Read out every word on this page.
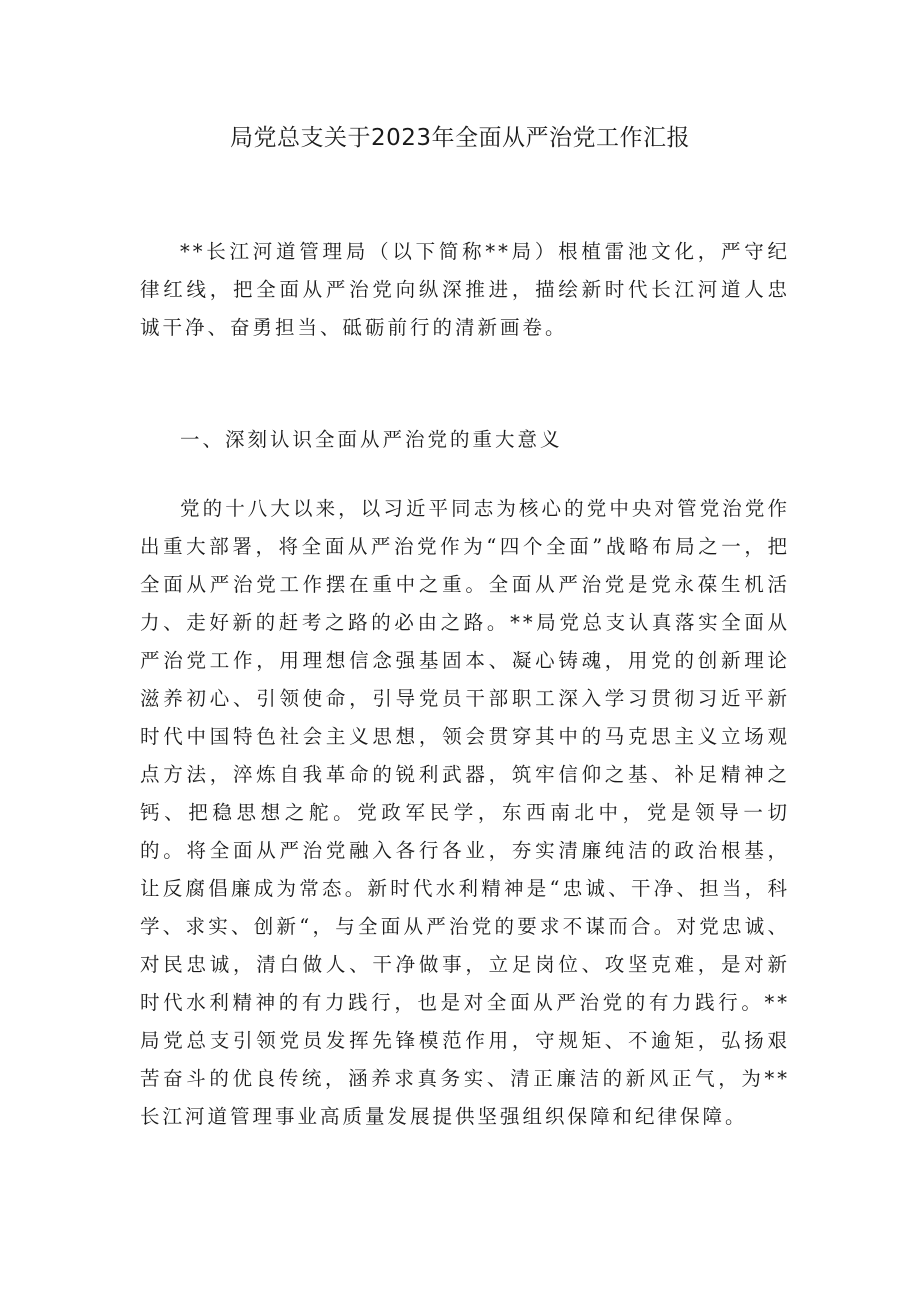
局党总支关于2023年全面从严治党工作汇报

**长江河道管理局（以下简称**局）根植雷池文化，严守纪律红线，把全面从严治党向纵深推进，描绘新时代长江河道人忠诚干净、奋勇担当、砥砺前行的清新画卷。

一、深刻认识全面从严治党的重大意义

党的十八大以来，以习近平同志为核心的党中央对管党治党作出重大部署，将全面从严治党作为“四个全面”战略布局之一，把全面从严治党工作摆在重中之重。全面从严治党是党永葆生机活力、走好新的赶考之路的必由之路。**局党总支认真落实全面从严治党工作，用理想信念强基固本、凝心铸魂，用党的创新理论滋养初心、引领使命，引导党员干部职工深入学习贯彻习近平新时代中国特色社会主义思想，领会贯穿其中的马克思主义立场观点方法，淬炼自我革命的锐利武器，筑牢信仰之基、补足精神之钙、把稳思想之舵。党政军民学，东西南北中，党是领导一切的。将全面从严治党融入各行各业，夯实清廉纯洁的政治根基，让反腐倡廉成为常态。新时代水利精神是“忠诚、干净、担当，科学、求实、创新“，与全面从严治党的要求不谋而合。对党忠诚、对民忠诚，清白做人、干净做事，立足岗位、攻坚克难，是对新时代水利精神的有力践行，也是对全面从严治党的有力践行。**局党总支引领党员发挥先锋模范作用，守规矩、不逾矩，弘扬艰苦奋斗的优良传统，涵养求真务实、清正廉洁的新风正气，为**长江河道管理事业高质量发展提供坚强组织保障和纪律保障。
